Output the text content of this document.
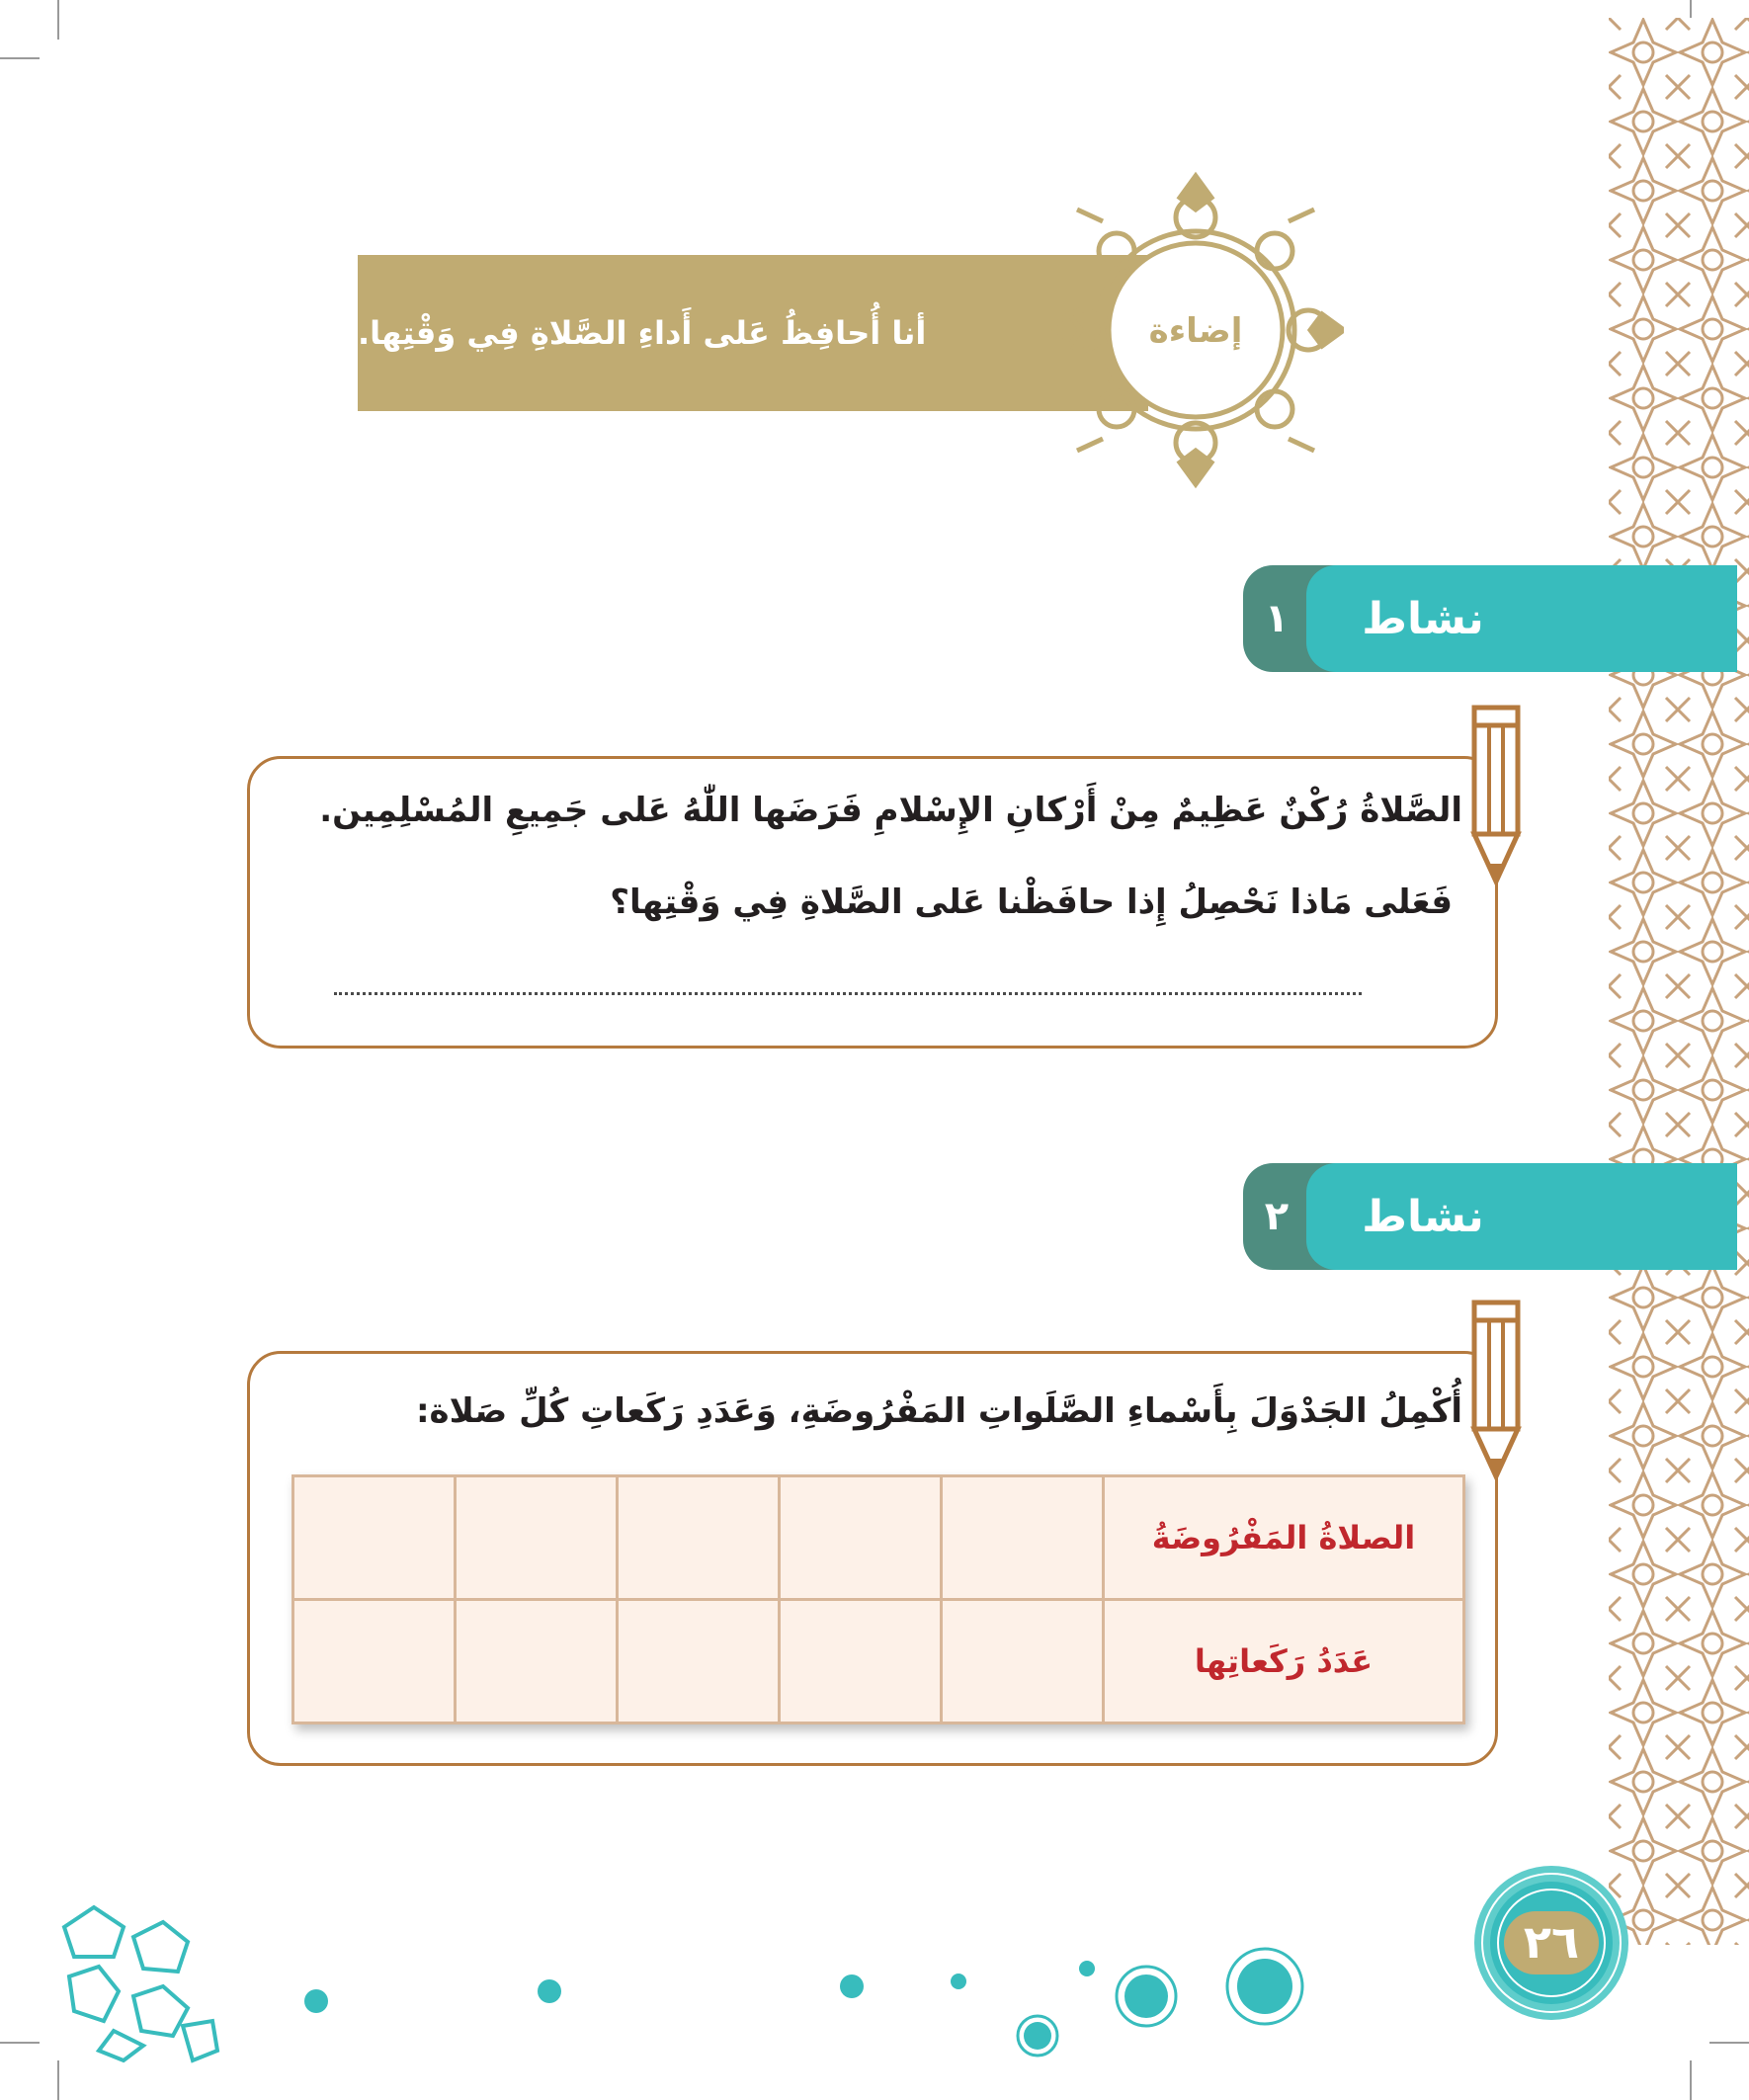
أنا أُحافِظُ عَلى أَداءِ الصَّلاةِ فِي وَقْتِها.	إضاءة
نشاط
١
الصَّلاةُ رُكْنٌ عَظِيمٌ مِنْ أَرْكانِ الإِسْلامِ فَرَضَها اللّٰهُ عَلى جَمِيعِ المُسْلِمِين.
فَعَلى مَاذا نَحْصِلُ إِذا حافَظْنا عَلى الصَّلاةِ فِي وَقْتِها؟
نشاط
٢
أُكْمِلُ الجَدْوَلَ بِأَسْماءِ الصَّلَواتِ المَفْرُوضَةِ، وَعَدَدِ رَكَعاتِ كُلِّ صَلاة:
الصلاةُ المَفْرُوضَةُ					
عَدَدُ رَكَعاتِها					
٢٦
